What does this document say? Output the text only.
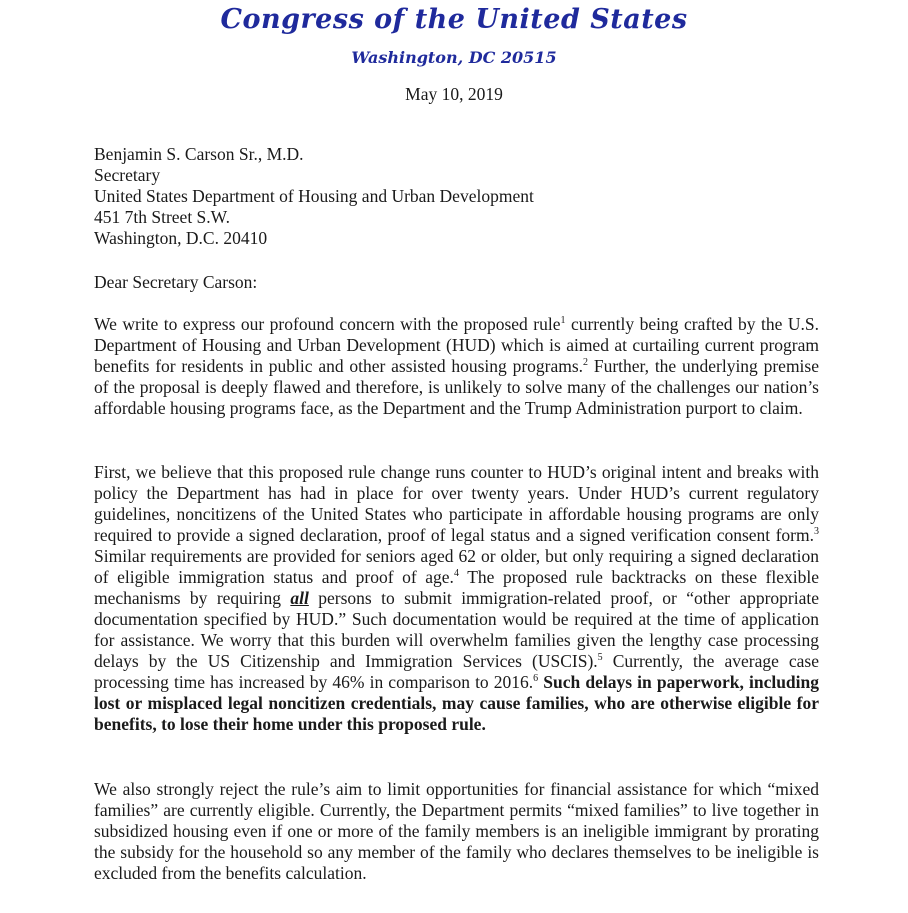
Congress of the United States
Washington, DC 20515
May 10, 2019
Benjamin S. Carson Sr., M.D.
Secretary
United States Department of Housing and Urban Development
451 7th Street S.W.
Washington, D.C. 20410
Dear Secretary Carson:
We write to express our profound concern with the proposed rule$^1$ currently being crafted by the U.S. Department of Housing and Urban Development (HUD) which is aimed at curtailing current program benefits for residents in public and other assisted housing programs.$^2$ Further, the underlying premise of the proposal is deeply flawed and therefore, is unlikely to solve many of the challenges our nation’s affordable housing programs face, as the Department and the Trump Administration purport to claim.
First, we believe that this proposed rule change runs counter to HUD’s original intent and breaks with policy the Department has had in place for over twenty years. Under HUD’s current regulatory guidelines, noncitizens of the United States who participate in affordable housing programs are only required to provide a signed declaration, proof of legal status and a signed verification consent form.$^3$ Similar requirements are provided for seniors aged 62 or older, but only requiring a signed declaration of eligible immigration status and proof of age.$^4$ The proposed rule backtracks on these flexible mechanisms by requiring all persons to submit immigration-related proof, or “other appropriate documentation specified by HUD.” Such documentation would be required at the time of application for assistance. We worry that this burden will overwhelm families given the lengthy case processing delays by the US Citizenship and Immigration Services (USCIS).$^5$ Currently, the average case processing time has increased by 46% in comparison to 2016.$^6$ Such delays in paperwork, including lost or misplaced legal noncitizen credentials, may cause families, who are otherwise eligible for benefits, to lose their home under this proposed rule.
We also strongly reject the rule’s aim to limit opportunities for financial assistance for which “mixed families” are currently eligible. Currently, the Department permits “mixed families” to live together in subsidized housing even if one or more of the family members is an ineligible immigrant by prorating the subsidy for the household so any member of the family who declares themselves to be ineligible is excluded from the benefits calculation.
